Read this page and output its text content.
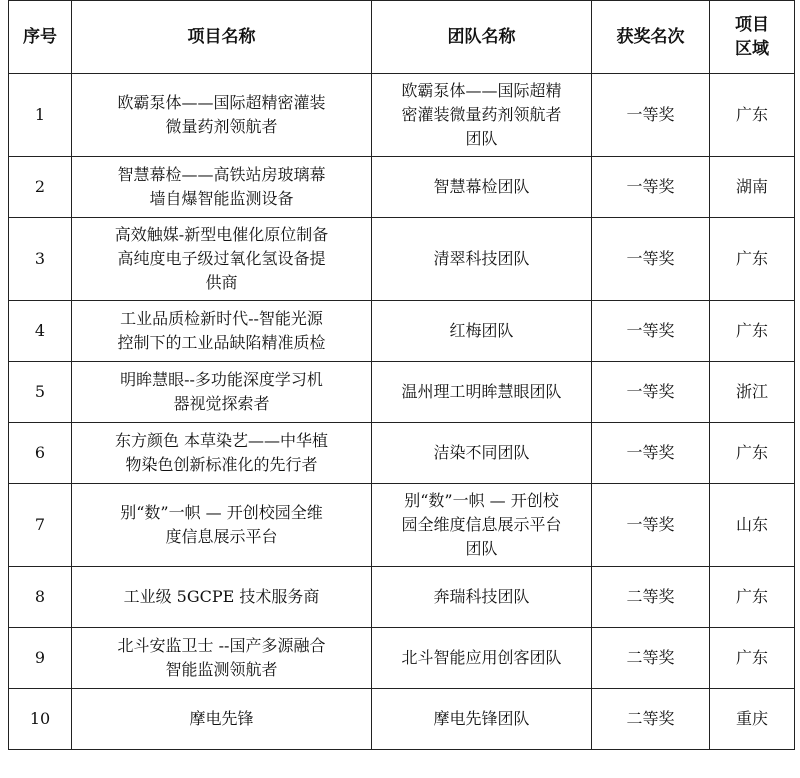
序号	项目名称	团队名称	获奖名次	项目
区域
1	欧霸泵体——国际超精密灌装
微量药剂领航者	欧霸泵体——国际超精
密灌装微量药剂领航者
团队	一等奖	广东
2	智慧幕检——高铁站房玻璃幕
墙自爆智能监测设备	智慧幕检团队	一等奖	湖南
3	高效触媒-新型电催化原位制备
高纯度电子级过氧化氢设备提
供商	清翠科技团队	一等奖	广东
4	工业品质检新时代--智能光源
控制下的工业品缺陷精准质检	红梅团队	一等奖	广东
5	明眸慧眼--多功能深度学习机
器视觉探索者	温州理工明眸慧眼团队	一等奖	浙江
6	东方颜色 本草染艺——中华植
物染色创新标准化的先行者	洁染不同团队	一等奖	广东
7	别“数”一帜 — 开创校园全维
度信息展示平台	别“数”一帜 — 开创校
园全维度信息展示平台
团队	一等奖	山东
8	工业级 5GCPE 技术服务商	奔瑞科技团队	二等奖	广东
9	北斗安监卫士 --国产多源融合
智能监测领航者	北斗智能应用创客团队	二等奖	广东
10	摩电先锋	摩电先锋团队	二等奖	重庆
